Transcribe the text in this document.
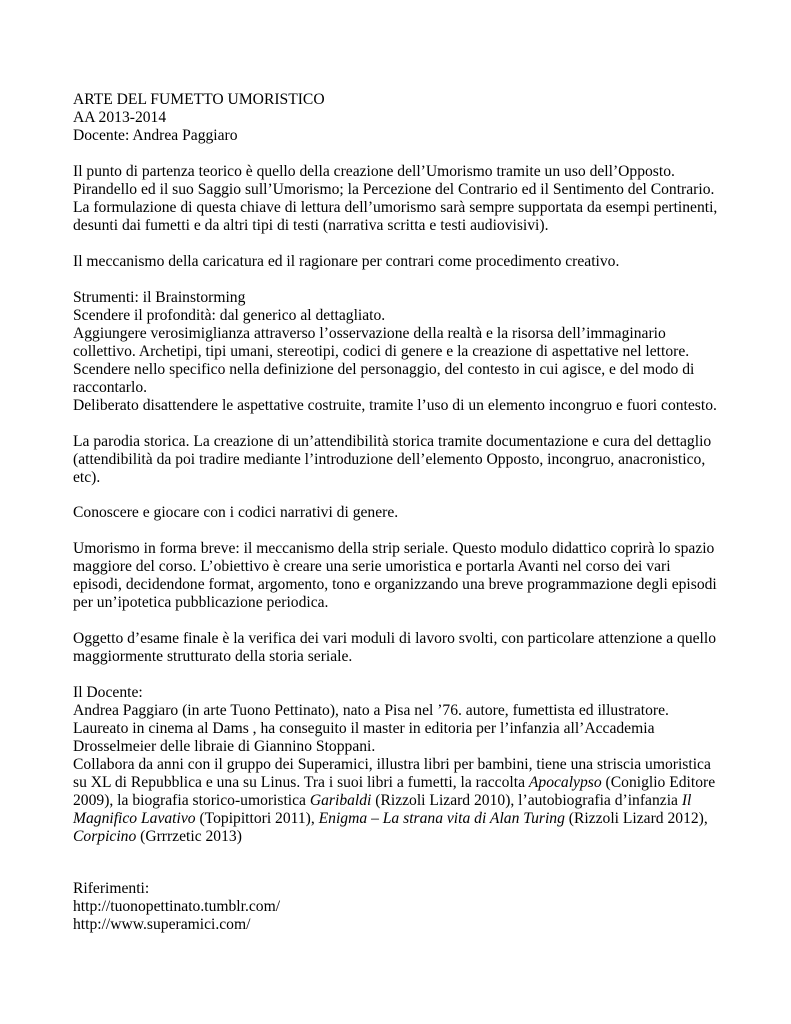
ARTE DEL FUMETTO UMORISTICO
AA 2013-2014
Docente: Andrea Paggiaro
Il punto di partenza teorico è quello della creazione dell’Umorismo tramite un uso dell’Opposto.
Pirandello ed il suo Saggio sull’Umorismo; la Percezione del Contrario ed il Sentimento del Contrario.
La formulazione di questa chiave di lettura dell’umorismo sarà sempre supportata da esempi pertinenti,
desunti dai fumetti e da altri tipi di testi (narrativa scritta e testi audiovisivi).
Il meccanismo della caricatura ed il ragionare per contrari come procedimento creativo.
Strumenti: il Brainstorming
Scendere il profondità: dal generico al dettagliato.
Aggiungere verosimiglianza attraverso l’osservazione della realtà e la risorsa dell’immaginario
collettivo. Archetipi, tipi umani, stereotipi, codici di genere e la creazione di aspettative nel lettore.
Scendere nello specifico nella definizione del personaggio, del contesto in cui agisce, e del modo di
raccontarlo.
Deliberato disattendere le aspettative costruite, tramite l’uso di un elemento incongruo e fuori contesto.
La parodia storica. La creazione di un’attendibilità storica tramite documentazione e cura del dettaglio
(attendibilità da poi tradire mediante l’introduzione dell’elemento Opposto, incongruo, anacronistico,
etc).
Conoscere e giocare con i codici narrativi di genere.
Umorismo in forma breve: il meccanismo della strip seriale. Questo modulo didattico coprirà lo spazio
maggiore del corso. L’obiettivo è creare una serie umoristica e portarla Avanti nel corso dei vari
episodi, decidendone format, argomento, tono e organizzando una breve programmazione degli episodi
per un’ipotetica pubblicazione periodica.
Oggetto d’esame finale è la verifica dei vari moduli di lavoro svolti, con particolare attenzione a quello
maggiormente strutturato della storia seriale.
Il Docente:
Andrea Paggiaro (in arte Tuono Pettinato), nato a Pisa nel ’76. autore, fumettista ed illustratore.
Laureato in cinema al Dams , ha conseguito il master in editoria per l’infanzia all’Accademia
Drosselmeier delle libraie di Giannino Stoppani.
Collabora da anni con il gruppo dei Superamici, illustra libri per bambini, tiene una striscia umoristica
su XL di Repubblica e una su Linus. Tra i suoi libri a fumetti, la raccolta Apocalypso (Coniglio Editore
2009), la biografia storico-umoristica Garibaldi (Rizzoli Lizard 2010), l’autobiografia d’infanzia Il
Magnifico Lavativo (Topipittori 2011), Enigma – La strana vita di Alan Turing (Rizzoli Lizard 2012),
Corpicino (Grrrzetic 2013)
Riferimenti:
http://tuonopettinato.tumblr.com/
http://www.superamici.com/
